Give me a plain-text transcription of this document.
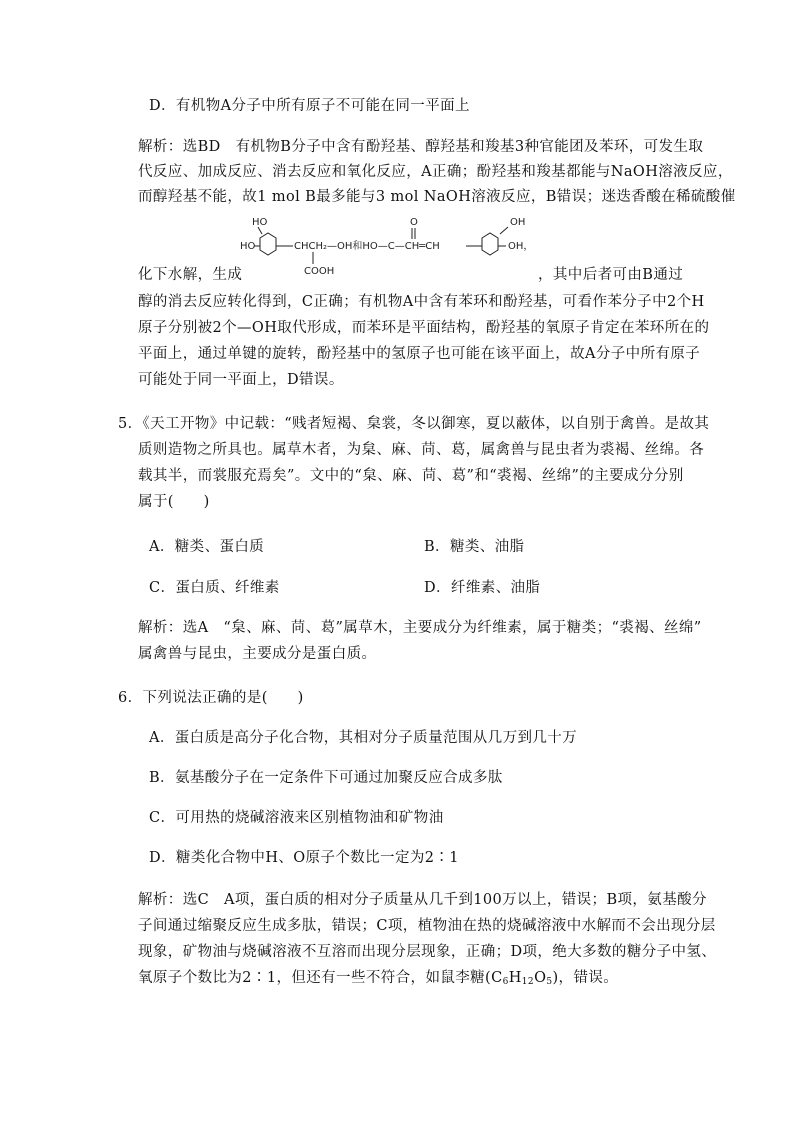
D．有机物A分子中所有原子不可能在同一平面上
解析：选BD　有机物B分子中含有酚羟基、醇羟基和羧基3种官能团及苯环，可发生取
代反应、加成反应、消去反应和氧化反应，A正确；酚羟基和羧基都能与NaOH溶液反应，
而醇羟基不能，故1 mol B最多能与3 mol NaOH溶液反应，B错误；迷迭香酸在稀硫酸催
HO
HO	CHCH₂—OH和HO—C—CH═CH
COOH
O	OH
OH，
化下水解，生成	，其中后者可由B通过
醇的消去反应转化得到，C正确；有机物A中含有苯环和酚羟基，可看作苯分子中2个H
原子分别被2个—OH取代形成，而苯环是平面结构，酚羟基的氧原子肯定在苯环所在的
平面上，通过单键的旋转，酚羟基中的氢原子也可能在该平面上，故A分子中所有原子
可能处于同一平面上，D错误。
5．《天工开物》中记载：“贱者短褐、枲裳，冬以御寒，夏以蔽体，以自别于禽兽。是故其
质则造物之所具也。属草木者，为枲、麻、苘、葛，属禽兽与昆虫者为裘褐、丝绵。各
载其半，而裳服充焉矣”。文中的“枲、麻、苘、葛”和“裘褐、丝绵”的主要成分分别
属于(　　)
A．糖类、蛋白质	B．糖类、油脂
C．蛋白质、纤维素	D．纤维素、油脂
解析：选A　“枲、麻、苘、葛”属草木，主要成分为纤维素，属于糖类；“裘褐、丝绵”
属禽兽与昆虫，主要成分是蛋白质。
6．下列说法正确的是(　　)
A．蛋白质是高分子化合物，其相对分子质量范围从几万到几十万
B．氨基酸分子在一定条件下可通过加聚反应合成多肽
C．可用热的烧碱溶液来区别植物油和矿物油
D．糖类化合物中H、O原子个数比一定为2∶1
解析：选C　A项，蛋白质的相对分子质量从几千到100万以上，错误；B项，氨基酸分
子间通过缩聚反应生成多肽，错误；C项，植物油在热的烧碱溶液中水解而不会出现分层
现象，矿物油与烧碱溶液不互溶而出现分层现象，正确；D项，绝大多数的糖分子中氢、
氧原子个数比为2∶1，但还有一些不符合，如鼠李糖$(C_6H_{12}O_5)$，错误。
